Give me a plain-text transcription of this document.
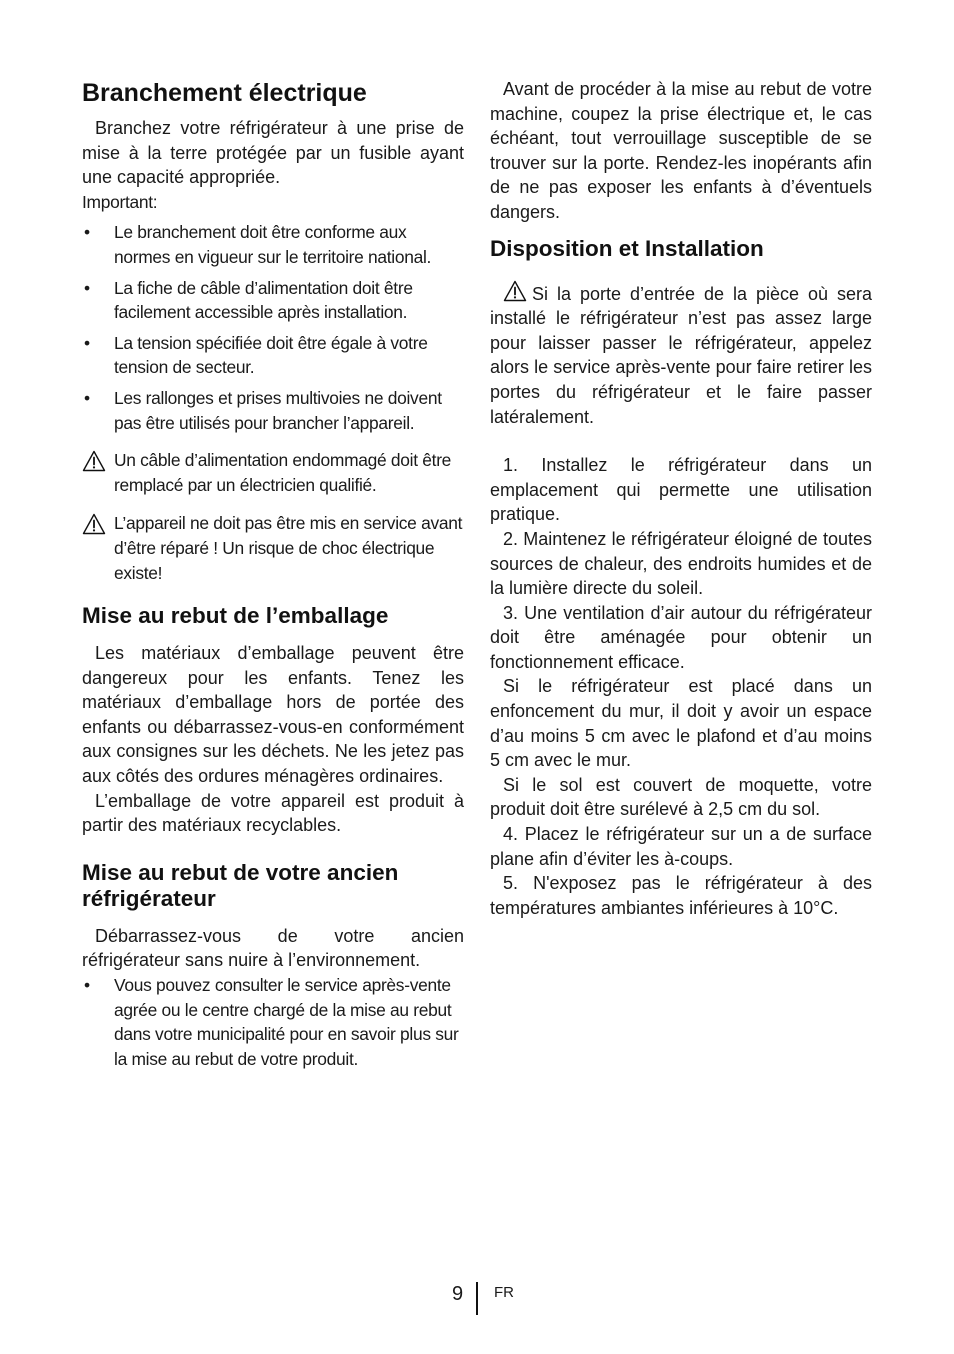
Branchement électrique

Branchez votre réfrigérateur à une prise de mise à la terre protégée par un fusible ayant une capacité appropriée.

Important:

• Le branchement doit être conforme aux normes en vigueur sur le territoire national.
• La fiche de câble d’alimentation doit être facilement accessible après installation.
• La tension spécifiée doit être égale à votre tension de secteur.
• Les rallonges et prises multivoies ne doivent pas être utilisés pour brancher l’appareil.
Un câble d’alimentation endommagé doit être remplacé par un électricien qualifié.
L’appareil ne doit pas être mis en service avant d’être réparé ! Un risque de choc électrique existe!
Mise au rebut de l’emballage

Les matériaux d’emballage peuvent être dangereux pour les enfants. Tenez les matériaux d’emballage hors de portée des enfants ou débarrassez-vous-en conformément aux consignes sur les déchets. Ne les jetez pas aux côtés des ordures ménagères ordinaires.

L’emballage de votre appareil est produit à partir des matériaux recyclables.

Mise au rebut de votre ancien réfrigérateur

Débarrassez-vous de votre ancien réfrigérateur sans nuire à l’environnement.

• Vous pouvez consulter le service après-vente agrée ou le centre chargé de la mise au rebut dans votre municipalité pour en savoir plus sur la mise au rebut de votre produit.

Avant de procéder à la mise au rebut de votre machine, coupez la prise électrique et, le cas échéant, tout verrouillage susceptible de se trouver sur la porte. Rendez-les inopérants afin de ne pas exposer les enfants à d’éventuels dangers.

Disposition et Installation

Si la porte d’entrée de la pièce où sera installé le réfrigérateur n’est pas assez large pour laisser passer le réfrigérateur, appelez alors le service après-vente pour faire retirer les portes du réfrigérateur et le faire passer latéralement.

1. Installez le réfrigérateur dans un emplacement qui permette une utilisation pratique.

2. Maintenez le réfrigérateur éloigné de toutes sources de chaleur, des endroits humides et de la lumière directe du soleil.

3. Une ventilation d’air autour du réfrigérateur doit être aménagée pour obtenir un fonctionnement efficace.

Si le réfrigérateur est placé dans un enfoncement du mur, il doit y avoir un espace d’au moins 5 cm avec le plafond et d’au moins 5 cm avec le mur.

Si le sol est couvert de moquette, votre produit doit être surélevé à 2,5 cm du sol.

4. Placez le réfrigérateur sur un a de surface plane afin d’éviter les à-coups.

5. N'exposez pas le réfrigérateur à des températures ambiantes inférieures à 10°C.

9 FR
